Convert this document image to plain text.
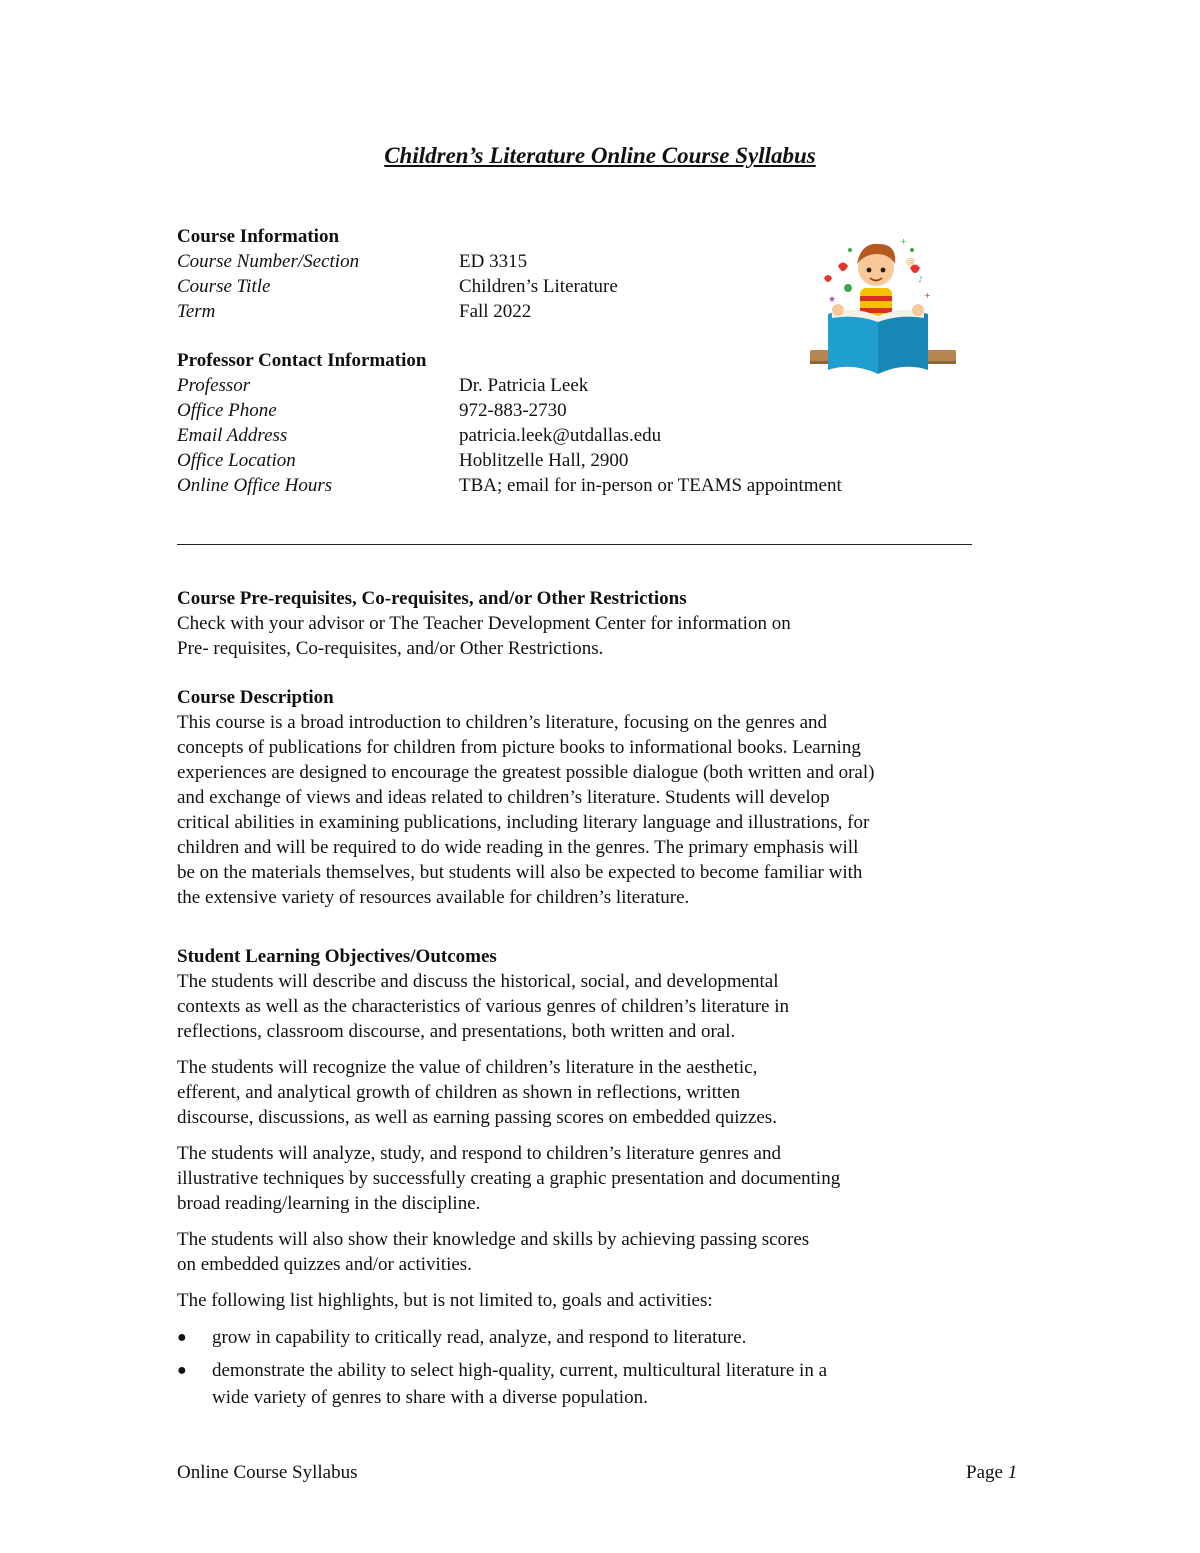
Children’s Literature Online Course Syllabus
Course Information
Course Number/Section	ED 3315
Course Title	Children’s Literature
Term	Fall 2022
Professor Contact Information
Professor	Dr. Patricia Leek
Office Phone	972-883-2730
Email Address	patricia.leek@utdallas.edu
Office Location	Hoblitzelle Hall, 2900
Online Office Hours	TBA; email for in-person or TEAMS appointment
@
♪
★
+
+
Course Pre-requisites, Co-requisites, and/or Other Restrictions
Check with your advisor or The Teacher Development Center for information on
Pre- requisites, Co-requisites, and/or Other Restrictions.
Course Description
This course is a broad introduction to children’s literature, focusing on the genres and
concepts of publications for children from picture books to informational books. Learning
experiences are designed to encourage the greatest possible dialogue (both written and oral)
and exchange of views and ideas related to children’s literature. Students will develop
critical abilities in examining publications, including literary language and illustrations, for
children and will be required to do wide reading in the genres. The primary emphasis will
be on the materials themselves, but students will also be expected to become familiar with
the extensive variety of resources available for children’s literature.
Student Learning Objectives/Outcomes
The students will describe and discuss the historical, social, and developmental
contexts as well as the characteristics of various genres of children’s literature in
reflections, classroom discourse, and presentations, both written and oral.
The students will recognize the value of children’s literature in the aesthetic,
efferent, and analytical growth of children as shown in reflections, written
discourse, discussions, as well as earning passing scores on embedded quizzes.
The students will analyze, study, and respond to children’s literature genres and
illustrative techniques by successfully creating a graphic presentation and documenting
broad reading/learning in the discipline.
The students will also show their knowledge and skills by achieving passing scores
on embedded quizzes and/or activities.
The following list highlights, but is not limited to, goals and activities:
● grow in capability to critically read, analyze, and respond to literature.
● demonstrate the ability to select high-quality, current, multicultural literature in a
wide variety of genres to share with a diverse population.
Online Course Syllabus	Page 1
